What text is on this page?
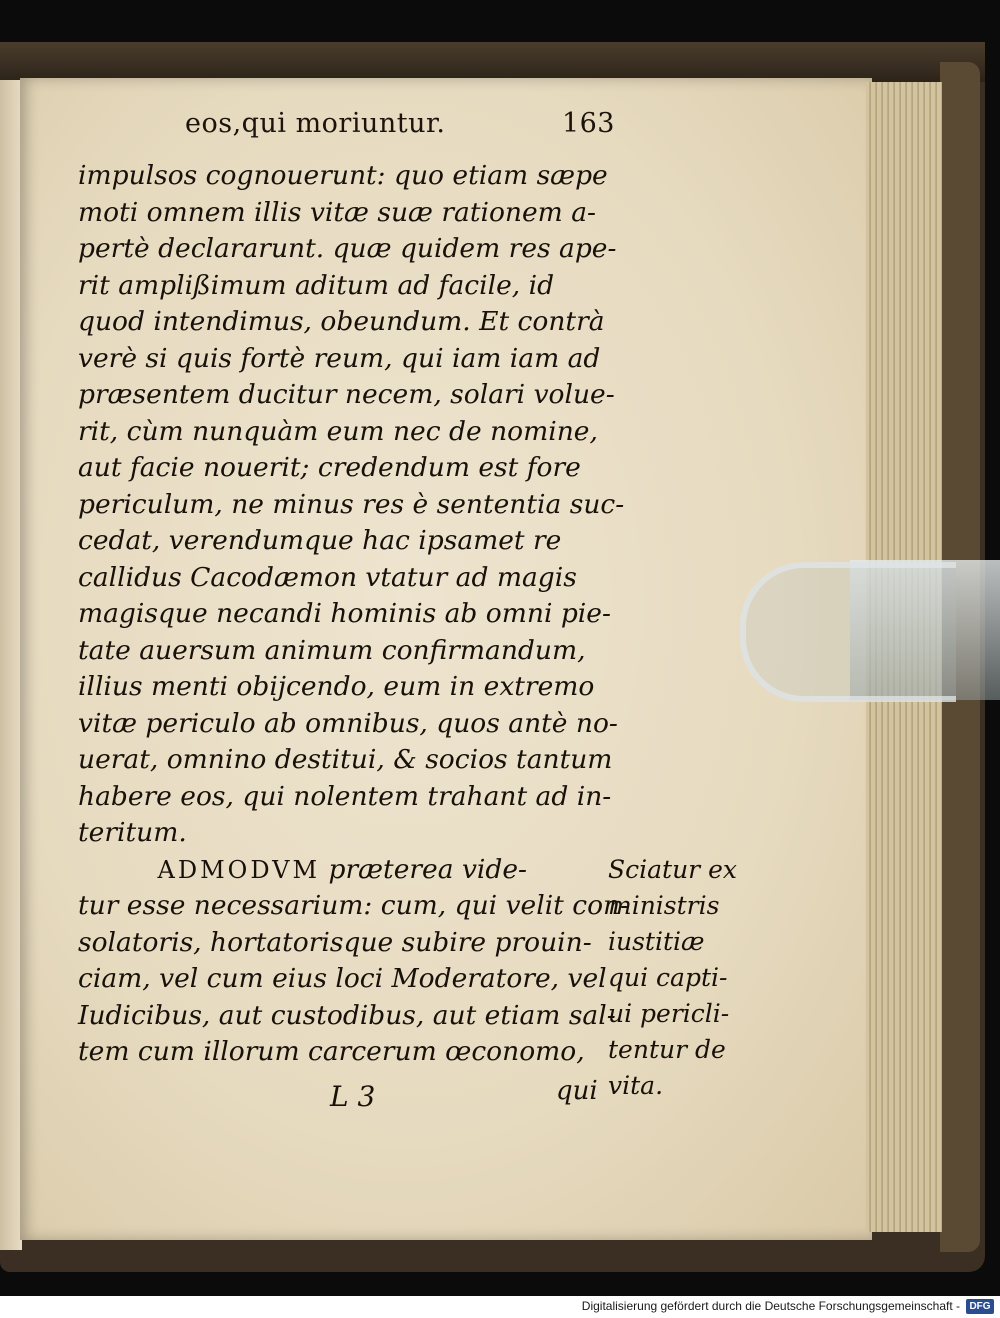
eos,qui moriuntur.	163
impulsos cognouerunt: quo etiam sæpe
moti omnem illis vitæ suæ rationem a-
pertè declararunt. quæ quidem res ape-
rit amplißimum aditum ad facile, id
quod intendimus, obeundum. Et contrà
verè si quis fortè reum, qui iam iam ad
præsentem ducitur necem, solari volue-
rit, cùm nunquàm eum nec de nomine,
aut facie nouerit; credendum est fore
periculum, ne minus res è sententia suc-
cedat, verendumque hac ipsamet re
callidus Cacodæmon vtatur ad magis
magisque necandi hominis ab omni pie-
tate auersum animum confirmandum,
illius menti obijcendo, eum in extremo
vitæ periculo ab omnibus, quos antè no-
uerat, omnino destitui, & socios tantum
habere eos, qui nolentem trahant ad in-
teritum.
   ADMODVM præterea vide-
tur esse necessarium: cum, qui velit con-
solatoris, hortatorisque subire prouin-
ciam, vel cum eius loci Moderatore, vel
Iudicibus, aut custodibus, aut etiam sal-
tem cum illorum carcerum œconomo,
Sciatur ex
ministris
iustitiæ
qui capti-
ui pericli-
tentur de
vita.
L 3	qui
Digitalisierung gefördert durch die Deutsche Forschungsgemeinschaft - DFG
